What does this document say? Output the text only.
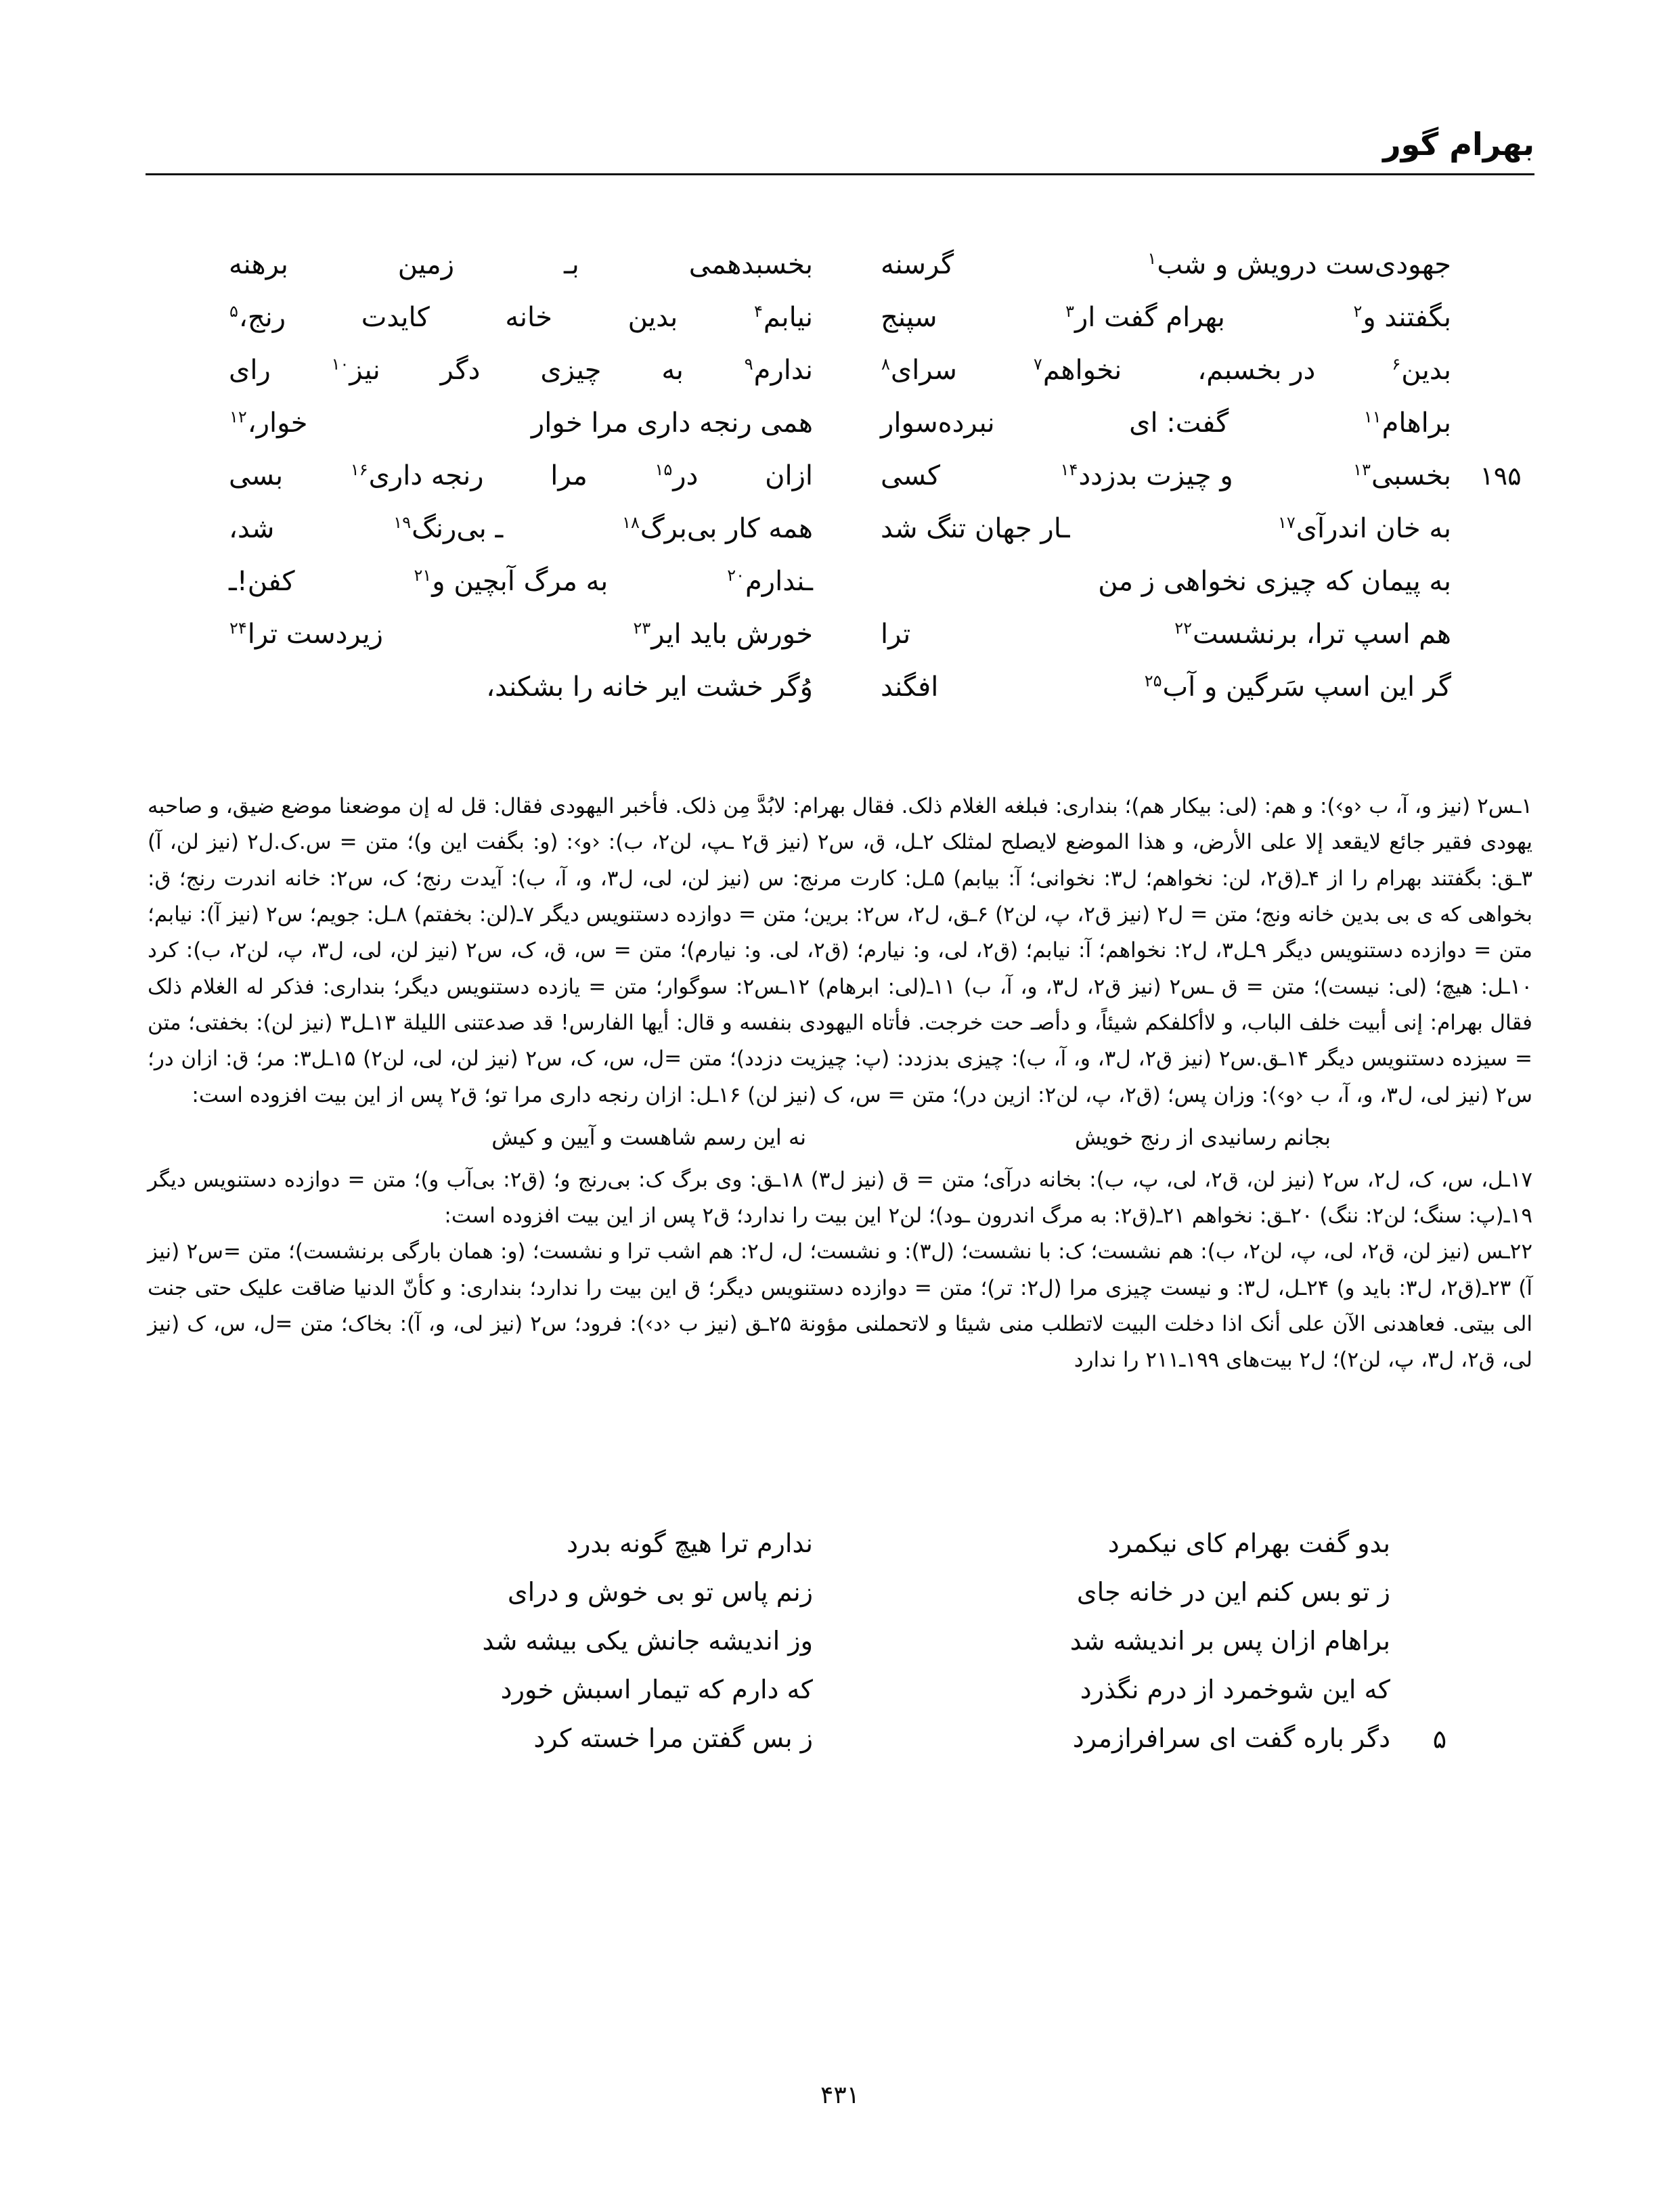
بهرام گور
جهودی‌ست درویش و شب$^۱$
گرسنه
بخسبدهمی
بـ
زمین
برهنه
بگفتند و$^۲$
بهرام گفت ار$^۳$
سپنج
نیابم$^۴$
بدین
خانه
کایدت
رنج،$^۵$
بدین$^۶$
در بخسبم،
نخواهم$^۷$
سرای$^۸$
ندارم$^۹$
به
چیزی
دگر
نیز$^{۱۰}$
رای
براهام$^{۱۱}$
گفت: ای
نبرده‌سوار
همی رنجه داری مرا خوار
خوار،$^{۱۲}$
بخسبی$^{۱۳}$
و چیزت بدزدد$^{۱۴}$
کسی
ازان
در$^{۱۵}$
مرا
رنجه داری$^{۱۶}$
بسی	۱۹۵
به خان اندرآی$^{۱۷}$
ـار جهان تنگ شد
همه کار بی‌برگ$^{۱۸}$
ـ بی‌رنگ$^{۱۹}$
شد،
به پیمان که چیزی نخواهی ز من
ـندارم$^{۲۰}$
به مرگ آبچین و$^{۲۱}$
کفن!ـ
هم اسپ ترا، برنشست$^{۲۲}$
ترا
خورش باید ایر$^{۲۳}$
زیردست ترا$^{۲۴}$
گر این اسپ سَرگین و آب$^{۲۵}$
افگند
وُگر خشت ایر خانه را بشکند،

۱ـس۲ (نیز و، آ، ب ‹و›): و هم: (لی: بیکار هم)؛ بنداری: فبلغه الغلام ذلک. فقال بهرام: لابُدَّ مِن ذلک. فأخبر الیهودی فقال: قل له إن موضعنا موضع ضیق، و صاحبه یهودی فقیر جائع لایقعد إلا علی الأرض، و هذا الموضع لایصلح لمثلک ۲ـل، ق، س۲ (نیز ق۲ ـپ، لن۲، ب): ‹و›: (و: بگفت این و)؛ متن = س.ک.ل۲ (نیز لن، آ) ۳ـق: بگفتند بهرام را از ۴ـ(ق۲، لن: نخواهم؛ ل۳: نخوانی؛ آ: بیابم) ۵ـل: کارت مرنج: س (نیز لن، لی، ل۳، و، آ، ب): آیدت رنج؛ ک، س۲: خانه اندرت رنج؛ ق: بخواهی که ی بی بدین خانه ونج؛ متن = ل۲ (نیز ق۲، پ، لن۲) ۶ـق، ل۲، س۲: برین؛ متن = دوازده دستنویس دیگر ۷ـ(لن: بخفتم) ۸ـل: جویم؛ س۲ (نیز آ): نیابم؛ متن = دوازده دستنویس دیگر ۹ـل۳، ل۲: نخواهم؛ آ: نیابم؛ (ق۲، لی، و: نیارم؛ (ق۲، لی. و: نیارم)؛ متن = س، ق، ک، س۲ (نیز لن، لی، ل۳، پ، لن۲، ب): کرد ۱۰ـل: هیچ؛ (لی: نیست)؛ متن = ق ـس۲ (نیز ق۲، ل۳، و، آ، ب) ۱۱ـ(لی: ابرهام) ۱۲ـس۲: سوگوار؛ متن = یازده دستنویس دیگر؛ بنداری: فذکر له الغلام ذلک فقال بهرام: إنی أبیت خلف الباب، و لاأکلفکم شیئاً، و دأصـ حت خرجت. فأتاه الیهودی بنفسه و قال: أیها الفارس! قد صدعتنی اللیلة ۱۳ـل۳ (نیز لن): بخفتی؛ متن = سیزده دستنویس دیگر ۱۴ـق.س۲ (نیز ق۲، ل۳، و، آ، ب): چیزی بدزدد: (پ: چیزیت دزدد)؛ متن =ل، س، ک، س۲ (نیز لن، لی، لن۲) ۱۵ـل۳: مر؛ ق: ازان در؛ س۲ (نیز لی، ل۳، و، آ، ب ‹و›): وزان پس؛ (ق۲، پ، لن۲: ازین در)؛ متن = س، ک (نیز لن) ۱۶ـل: ازان رنجه داری مرا تو؛ ق۲ پس از این بیت افزوده است:

بجانم رسانیدی از رنج خویش
نه این رسم شاهست و آیین و کیش

۱۷ـل، س، ک، ل۲، س۲ (نیز لن، ق۲، لی، پ، ب): بخانه درآی؛ متن = ق (نیز ل۳) ۱۸ـق: وی برگ ک: بی‌رنج و؛ (ق۲: بی‌آب و)؛ متن = دوازده دستنویس دیگر ۱۹ـ(پ: سنگ؛ لن۲: ننگ) ۲۰ـق: نخواهم ۲۱ـ(ق۲: به مرگ اندرون ـود)؛ لن۲ این بیت را ندارد؛ ق۲ پس از این بیت افزوده است:

۲۲ـس (نیز لن، ق۲، لی، پ، لن۲، ب): هم نشست؛ ک: با نشست؛ (ل۳): و نشست؛ ل، ل۲: هم اشب ترا و نشست؛ (و: همان بارگی برنشست)؛ متن =س۲ (نیز آ) ۲۳ـ(ق۲، ل۳: باید و) ۲۴ـل، ل۳: و نیست چیزی مرا (ل۲: تر)؛ متن = دوازده دستنویس دیگر؛ ق این بیت را ندارد؛ بنداری: و کأنّ الدنیا ضاقت علیک حتی جنت الی بیتی. فعاهدنی الآن علی أنک اذا دخلت البیت لاتطلب منی شیئا و لاتحملنی مؤونة ۲۵ـق (نیز ب ‹د›): فرود؛ س۲ (نیز لی، و، آ): بخاک؛ متن =ل، س، ک (نیز لی، ق۲، ل۳، پ، لن۲)؛ ل۲ بیت‌های ۱۹۹ـ۲۱۱ را ندارد

بدو گفت بهرام کای نیکمرد
ندارم ترا هیچ گونه بدرد
ز تو بس کنم این در خانه جای
زنم پاس تو بی خوش و درای
براهام ازان پس بر اندیشه شد
وز اندیشه جانش یکی بیشه شد
که این شوخمرد از درم نگذرد
که دارم که تیمار اسبش خورد
دگر باره گفت ای سرافرازمرد
ز بس گفتن مرا خسته کرد	۵
۴۳۱
